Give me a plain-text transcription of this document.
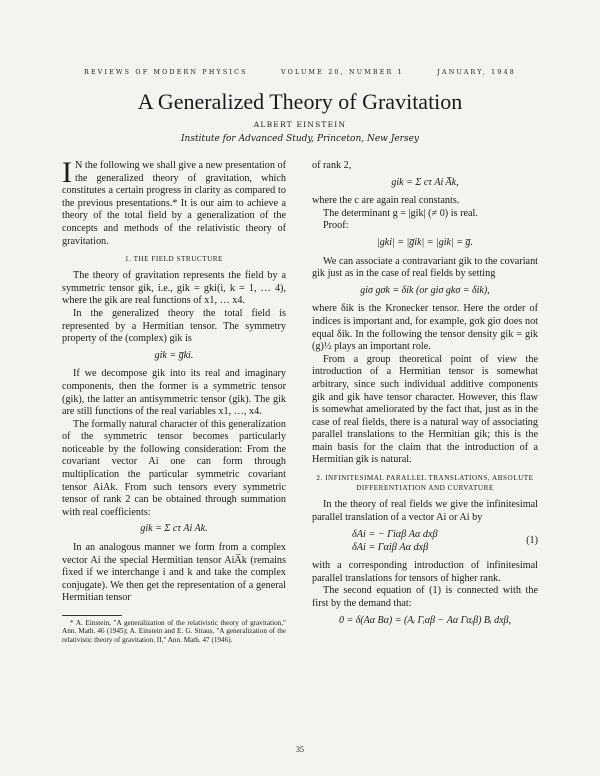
REVIEWS OF MODERN PHYSICS	VOLUME 20, NUMBER 1	JANUARY, 1948
A Generalized Theory of Gravitation
ALBERT EINSTEIN
Institute for Advanced Study, Princeton, New Jersey

I N the following we shall give a new presentation of the generalized theory of gravitation, which constitutes a certain progress in clarity as compared to the previous presentations.* It is our aim to achieve a theory of the total field by a generalization of the concepts and methods of the relativistic theory of gravitation.

1. THE FIELD STRUCTURE

The theory of gravitation represents the field by a symmetric tensor gik, i.e., gik = gki(i, k = 1, … 4), where the gik are real functions of x1, … x4.

In the generalized theory the total field is represented by a Hermitian tensor. The symmetry property of the (complex) gik is

gik = g̅ki.

If we decompose gik into its real and imaginary components, then the former is a symmetric tensor (gik), the latter an antisymmetric tensor (gik). The gik are still functions of the real variables x1, …, x4.

The formally natural character of this generalization of the symmetric tensor becomes particularly noticeable by the following consideration: From the covariant vector Ai one can form through multiplication the particular symmetric covariant tensor AiAk. From such tensors every symmetric tensor of rank 2 can be obtained through summation with real coefficients:

gik = Σ cτ Ai Ak.

In an analogous manner we form from a complex vector Ai the special Hermitian tensor AiA̅k (remains fixed if we interchange i and k and take the complex conjugate). We then get the representation of a general Hermitian tensor

* A. Einstein, "A generalization of the relativistic theory of gravitation," Ann. Math. 46 (1945); A. Einstein and E. G. Straus, "A generalization of the relativistic theory of gravitation. II," Ann. Math. 47 (1946).

of rank 2,

gik = Σ cτ Ai A̅k,

where the c are again real constants.

The determinant g = |gik| (≠ 0) is real.

Proof:

|gki| = |g̅ik| = |gik| = g̅.

We can associate a contravariant gik to the covariant gik just as in the case of real fields by setting

giσ gσk = δik (or giσ gkσ = δik),

where δik is the Kronecker tensor. Here the order of indices is important and, for example, gσk giσ does not equal δik. In the following the tensor density gik = gik (g)½ plays an important role.

From a group theoretical point of view the introduction of a Hermitian tensor is somewhat arbitrary, since such individual additive components gik and gik have tensor character. However, this flaw is somewhat ameliorated by the fact that, just as in the case of real fields, there is a natural way of associating parallel translations to the Hermitian gik; this is the main basis for the claim that the introduction of a Hermitian gik is natural.

2. INFINITESIMAL PARALLEL TRANSLATIONS, ABSOLUTE DIFFERENTIATION AND CURVATURE

In the theory of real fields we give the infinitesimal parallel translation of a vector Ai or Ai by

δAi = − Γiαβ Aα dxβ
δAi = Γαiβ Aα dxβ
(1)

with a corresponding introduction of infinitesimal parallel translations for tensors of higher rank.

The second equation of (1) is connected with the first by the demand that:

0 = δ(Aα Bα) = (Aᵢ Γᵢαβ − Aα Γαᵢβ) Bᵢ dxβ,
35
